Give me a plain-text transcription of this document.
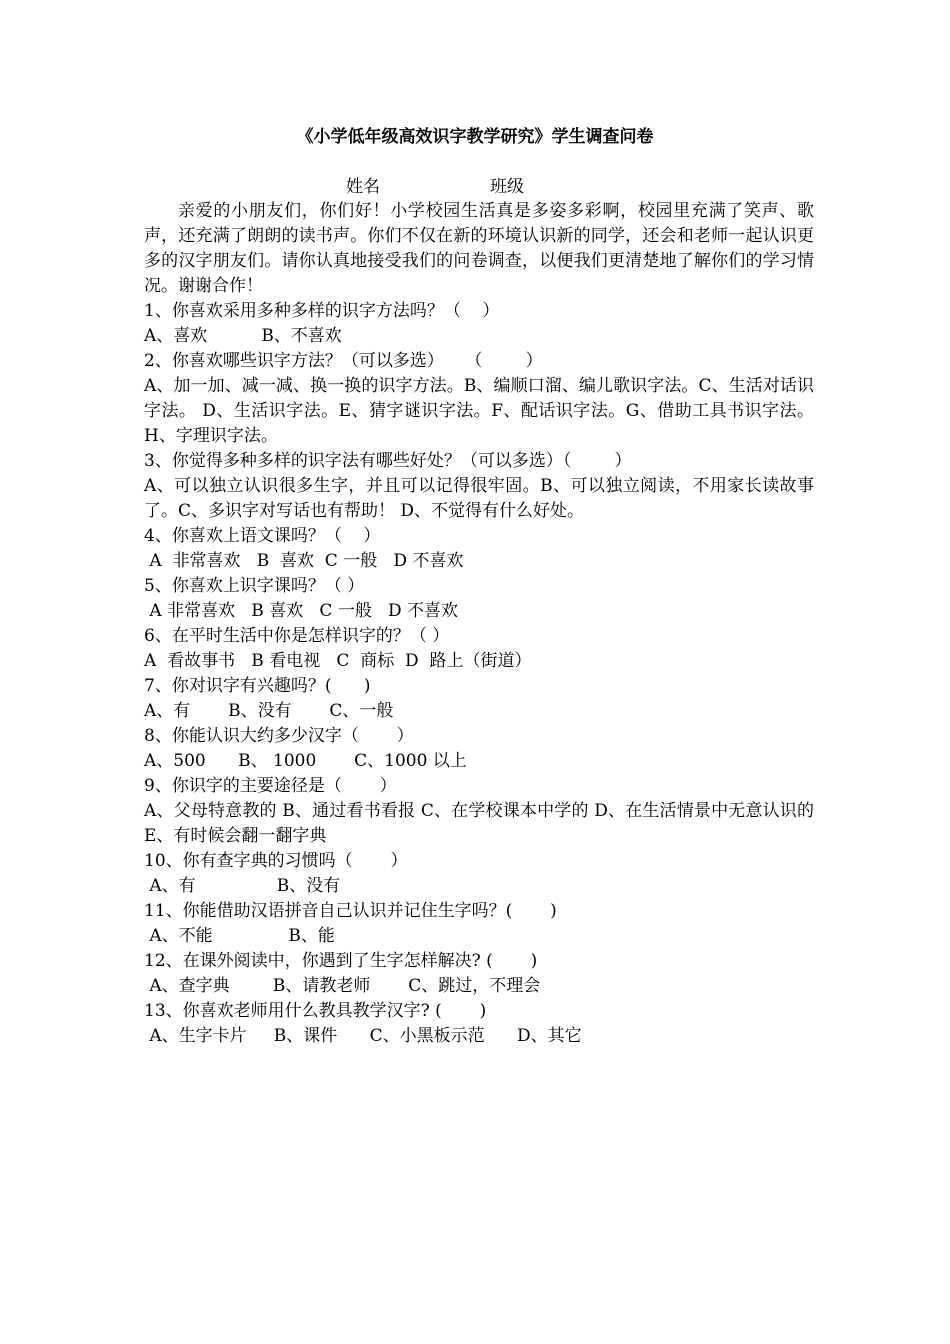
《小学低年级高效识字教学研究》学生调查问卷
姓名	班级

亲爱的小朋友们，你们好！小学校园生活真是多姿多彩啊，校园里充满了笑声、歌声，还充满了朗朗的读书声。你们不仅在新的环境认识新的同学，还会和老师一起认识更多的汉字朋友们。请你认真地接受我们的问卷调查，以便我们更清楚地了解你们的学习情况。谢谢合作！

1、你喜欢采用多种多样的识字方法吗？（    ）

A、喜欢          B、不喜欢

2、你喜欢哪些识字方法？（可以多选）    （        ）

A、加一加、减一减、换一换的识字方法。B、编顺口溜、编儿歌识字法。C、生活对话识字法。 D、生活识字法。E、猜字谜识字法。F、配话识字法。G、借助工具书识字法。H、字理识字法。

3、你觉得多种多样的识字法有哪些好处？（可以多选）（        ）

A、可以独立认识很多生字，并且可以记得很牢固。B、可以独立阅读，不用家长读故事了。C、多识字对写话也有帮助！ D、不觉得有什么好处。

4、你喜欢上语文课吗？（    ）

A  非常喜欢   B  喜欢  C 一般   D 不喜欢

5、你喜欢上识字课吗？（ ）

A 非常喜欢   B 喜欢   C 一般   D 不喜欢

6、在平时生活中你是怎样识字的？（ ）

A  看故事书   B 看电视   C  商标  D  路上（街道）

7、你对识字有兴趣吗？(      )

A、有       B、没有       C、一般

8、你能认识大约多少汉字（       ）

A、500      B、 1000       C、1000 以上

9、你识字的主要途径是（       ）

A、父母特意教的 B、通过看书看报 C、在学校课本中学的 D、在生活情景中无意认识的 E、有时候会翻一翻字典

10、你有查字典的习惯吗（       ）

A、有               B、没有

11、你能借助汉语拼音自己认识并记住生字吗？(       )

A、不能              B、能

12、在课外阅读中，你遇到了生字怎样解决? (       )

A、查字典        B、请教老师       C、跳过，不理会

13、你喜欢老师用什么教具教学汉字? (       )

A、生字卡片     B、课件      C、小黑板示范      D、其它
